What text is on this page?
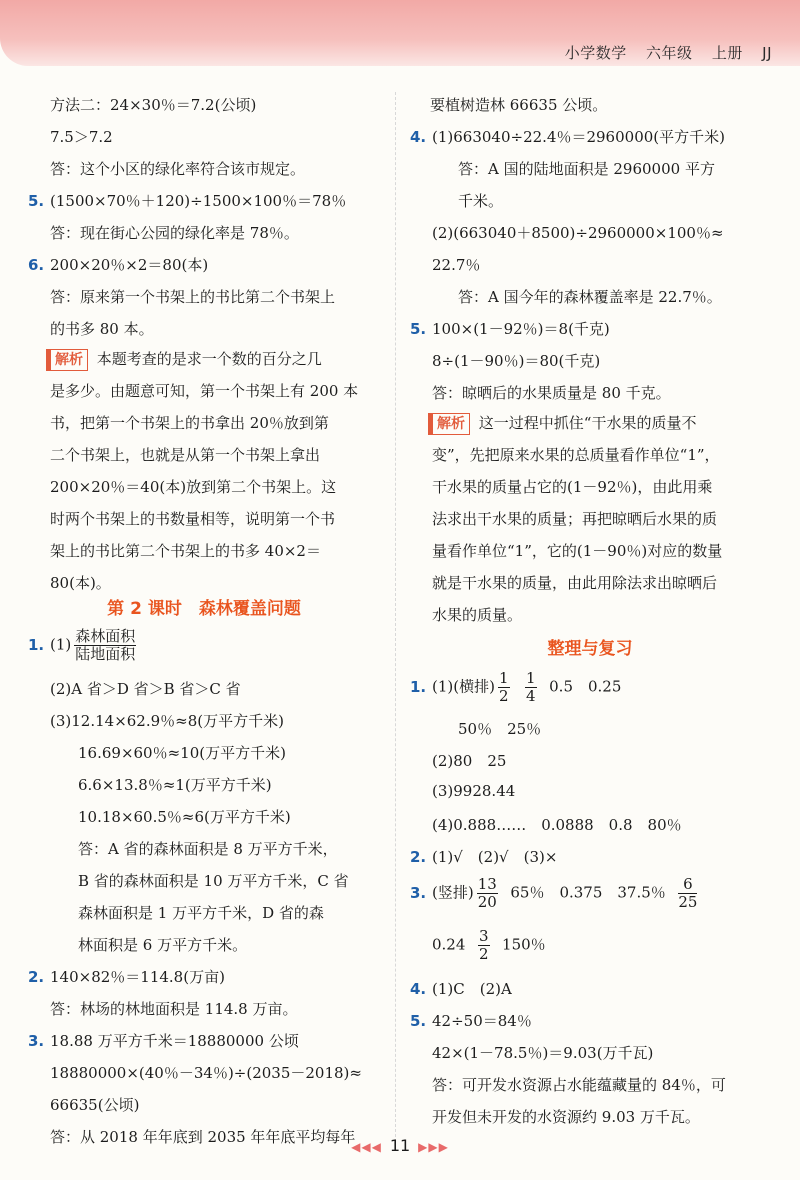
小学数学 六年级 上册 JJ
方法二：24×30％＝7.2(公顷)
7.5＞7.2
答：这个小区的绿化率符合该市规定。
5. (1500×70％＋120)÷1500×100％＝78％
答：现在街心公园的绿化率是 78％。
6. 200×20％×2＝80(本)
答：原来第一个书架上的书比第二个书架上
的书多 80 本。
解析 本题考查的是求一个数的百分之几
是多少。由题意可知，第一个书架上有 200 本
书，把第一个书架上的书拿出 20％放到第
二个书架上，也就是从第一个书架上拿出
200×20％＝40(本)放到第二个书架上。这
时两个书架上的书数量相等，说明第一个书
架上的书比第二个书架上的书多 40×2＝
80(本)。
第 2 课时　森林覆盖问题
1. $(1) \frac{\text{森林面积}}{\text{陆地面积}}$
(2)A 省＞D 省＞B 省＞C 省
(3)12.14×62.9％≈8(万平方千米)
16.69×60％≈10(万平方千米)
6.6×13.8％≈1(万平方千米)
10.18×60.5％≈6(万平方千米)
答：A 省的森林面积是 8 万平方千米，
B 省的森林面积是 10 万平方千米，C 省
森林面积是 1 万平方千米，D 省的森
林面积是 6 万平方千米。
2. 140×82％＝114.8(万亩)
答：林场的林地面积是 114.8 万亩。
3. 18.88 万平方千米＝18880000 公顷
18880000×(40％－34％)÷(2035－2018)≈
66635(公顷)
答：从 2018 年年底到 2035 年年底平均每年
要植树造林 66635 公顷。
4. (1)663040÷22.4％＝2960000(平方千米)
答：A 国的陆地面积是 2960000 平方
千米。
(2)(663040＋8500)÷2960000×100％≈
22.7％
答：A 国今年的森林覆盖率是 22.7％。
5. 100×(1－92％)＝8(千克)
8÷(1－90％)＝80(千克)
答：晾晒后的水果质量是 80 千克。
解析 这一过程中抓住“干水果的质量不
变”，先把原来水果的总质量看作单位“1”，
干水果的质量占它的(1－92％)，由此用乘
法求出干水果的质量；再把晾晒后水果的质
量看作单位“1”，它的(1－90％)对应的数量
就是干水果的质量，由此用除法求出晾晒后
水果的质量。
整理与复习
1. (1)(横排) $\frac{1}{2}$
$\frac{1}{4} 0.5$　0.25
50％　25％
(2)80　25
(3)9928.44
(4)0.888……　0.0888　0.8　80％
2. (1)√　(2)√　(3)×
3. (竖排) $\frac{13}{20} 65$％　0.375　37.5％ $\frac{6}{25}$
$0.24 \frac{3}{2} 150$％
4. (1)C　(2)A
5. 42÷50＝84％
42×(1－78.5％)＝9.03(万千瓦)
答：可开发水资源占水能蕴藏量的 84％，可
开发但未开发的水资源约 9.03 万千瓦。
◀◀◀ 11 ▶▶▶
